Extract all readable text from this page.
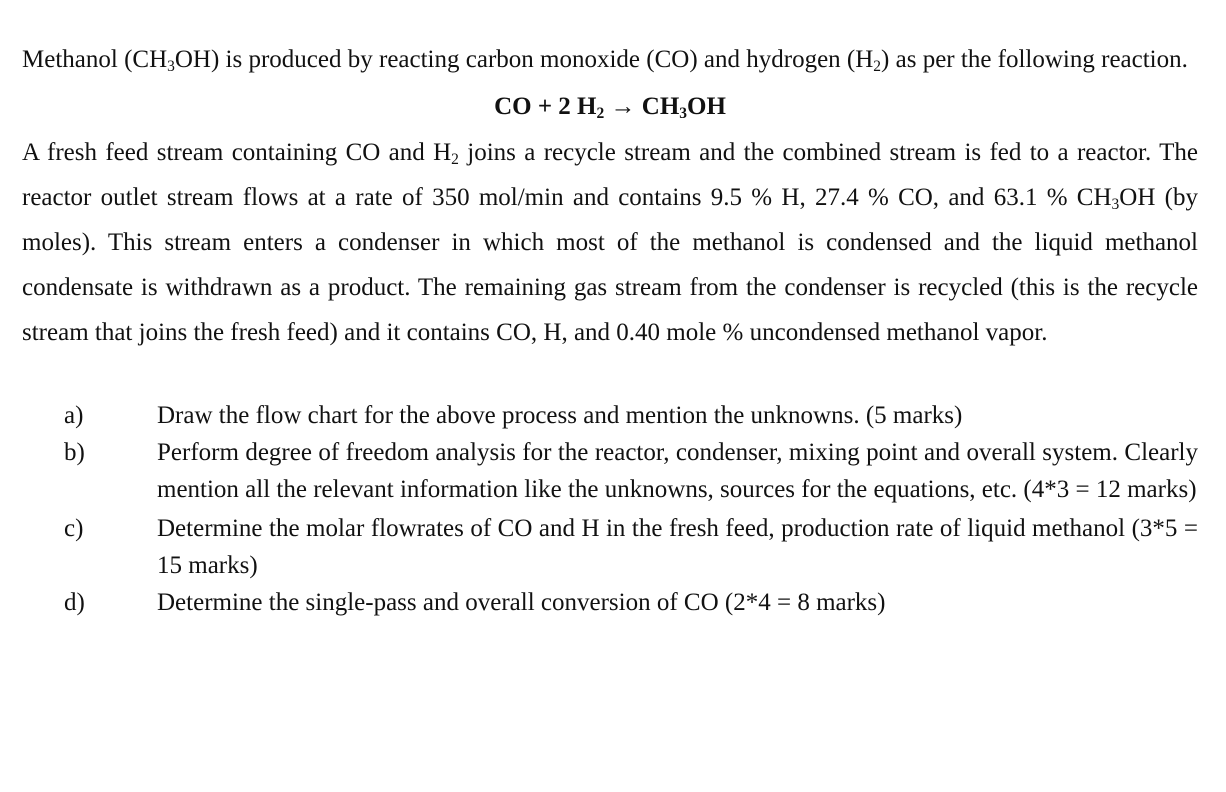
Methanol $(CH_3OH)$ is produced by reacting carbon monoxide (CO) and hydrogen $(H_2)$ as per the following reaction.

CO + 2 $H_2 \to CH_3OH$

A fresh feed stream containing CO and $H_2$ joins a recycle stream and the combined stream is fed to a reactor. The reactor outlet stream flows at a rate of 350 mol/min and contains 9.5 % H, 27.4 % CO, and 63.1 % $CH_3OH$ (by moles). This stream enters a condenser in which most of the methanol is condensed and the liquid methanol condensate is withdrawn as a product. The remaining gas stream from the condenser is recycled (this is the recycle stream that joins the fresh feed) and it contains CO, H, and 0.40 mole % uncondensed methanol vapor.

a)	Draw the flow chart for the above process and mention the unknowns. (5 marks)
b)	Perform degree of freedom analysis for the reactor, condenser, mixing point and overall system. Clearly mention all the relevant information like the unknowns, sources for the equations, etc. (4*3 = 12 marks)
c)	Determine the molar flowrates of CO and H in the fresh feed, production rate of liquid methanol (3*5 = 15 marks)
d)	Determine the single-pass and overall conversion of CO (2*4 = 8 marks)
